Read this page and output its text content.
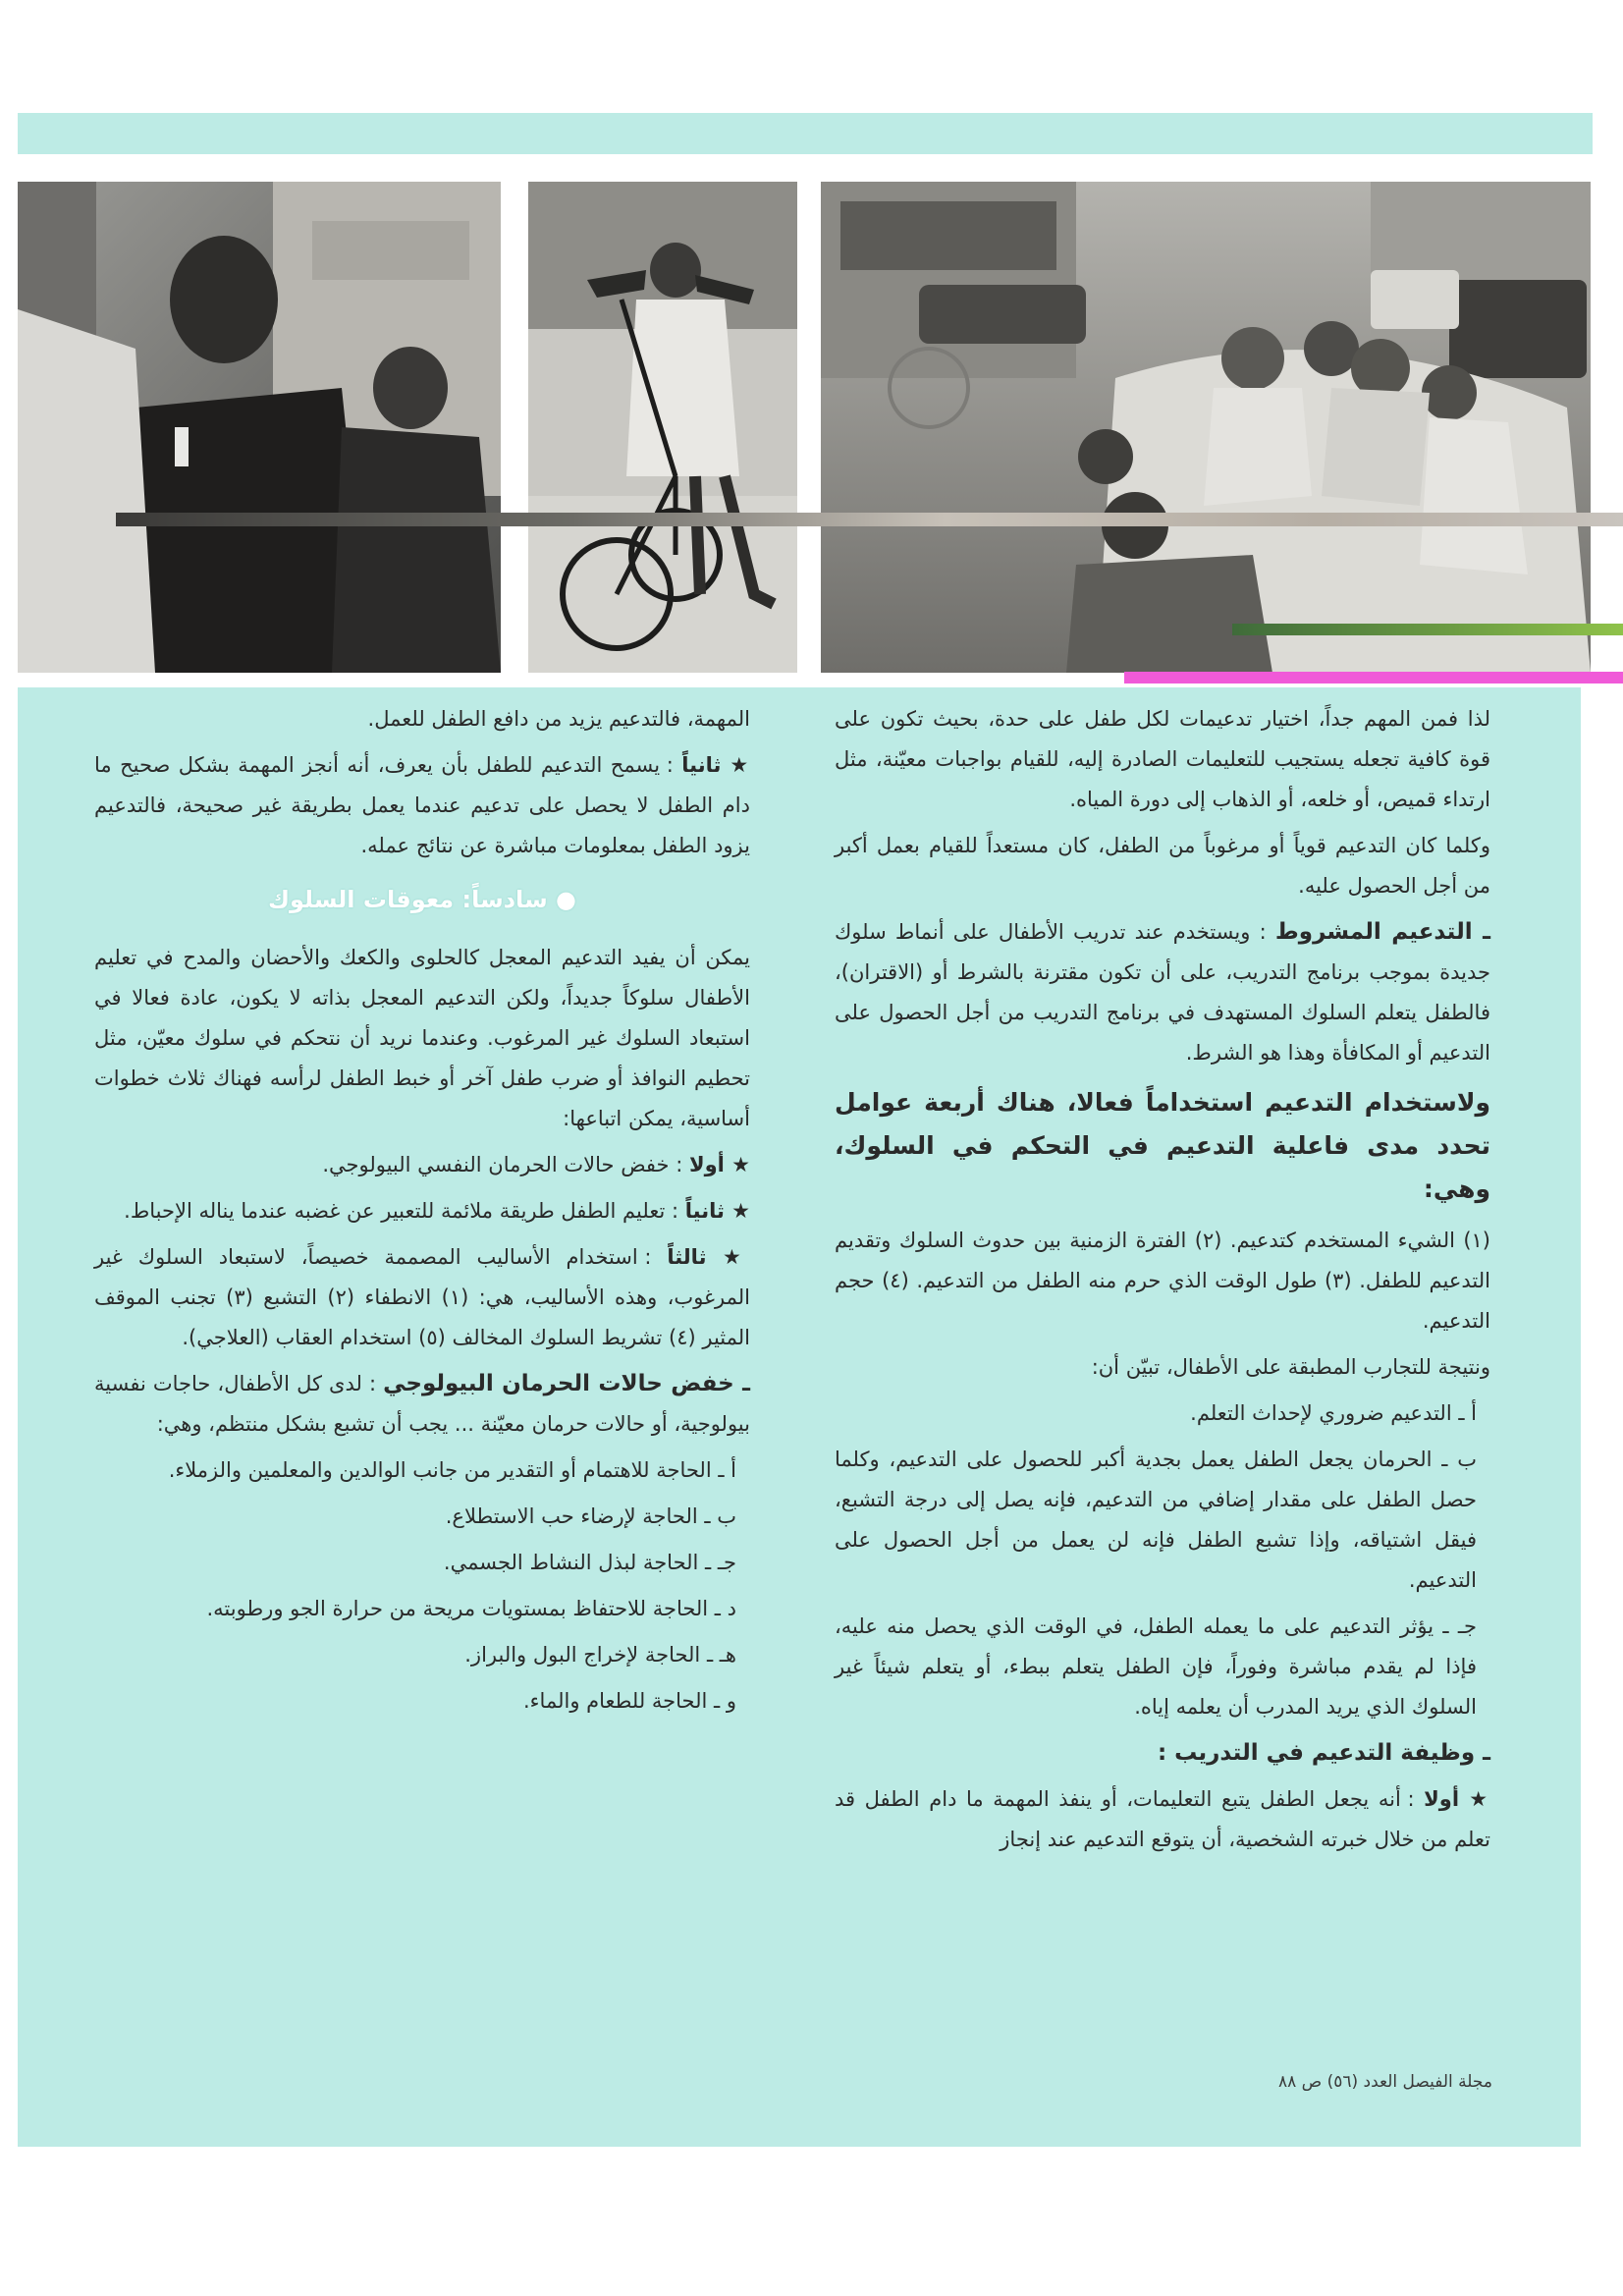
لذا فمن المهم جداً، اختيار تدعيمات لكل طفل على حدة، بحيث تكون على قوة كافية تجعله يستجيب للتعليمات الصادرة إليه، للقيام بواجبات معيّنة، مثل ارتداء قميص، أو خلعه، أو الذهاب إلى دورة المياه.

وكلما كان التدعيم قوياً أو مرغوباً من الطفل، كان مستعداً للقيام بعمل أكبر من أجل الحصول عليه.

ـ التدعيم المشروط : ويستخدم عند تدريب الأطفال على أنماط سلوك جديدة بموجب برنامج التدريب، على أن تكون مقترنة بالشرط أو (الاقتران)، فالطفل يتعلم السلوك المستهدف في برنامج التدريب من أجل الحصول على التدعيم أو المكافأة وهذا هو الشرط.

ولاستخدام التدعيم استخداماً فعالا، هناك أربعة عوامل تحدد مدى فاعلية التدعيم في التحكم في السلوك، وهي:

(١) الشيء المستخدم كتدعيم. (٢) الفترة الزمنية بين حدوث السلوك وتقديم التدعيم للطفل. (٣) طول الوقت الذي حرم منه الطفل من التدعيم. (٤) حجم التدعيم.

ونتيجة للتجارب المطبقة على الأطفال، تبيّن أن:

أ ـ التدعيم ضروري لإحداث التعلم.

ب ـ الحرمان يجعل الطفل يعمل بجدية أكبر للحصول على التدعيم، وكلما حصل الطفل على مقدار إضافي من التدعيم، فإنه يصل إلى درجة التشبع، فيقل اشتياقه، وإذا تشبع الطفل فإنه لن يعمل من أجل الحصول على التدعيم.

جـ ـ يؤثر التدعيم على ما يعمله الطفل، في الوقت الذي يحصل منه عليه، فإذا لم يقدم مباشرة وفوراً، فإن الطفل يتعلم ببطء، أو يتعلم شيئاً غير السلوك الذي يريد المدرب أن يعلمه إياه.

ـ وظيفة التدعيم في التدريب :

★ أولا : أنه يجعل الطفل يتبع التعليمات، أو ينفذ المهمة ما دام الطفل قد تعلم من خلال خبرته الشخصية، أن يتوقع التدعيم عند إنجاز

المهمة، فالتدعيم يزيد من دافع الطفل للعمل.

★ ثانياً : يسمح التدعيم للطفل بأن يعرف، أنه أنجز المهمة بشكل صحيح ما دام الطفل لا يحصل على تدعيم عندما يعمل بطريقة غير صحيحة، فالتدعيم يزود الطفل بمعلومات مباشرة عن نتائج عمله.

● سادساً: معوقات السلوك

يمكن أن يفيد التدعيم المعجل كالحلوى والكعك والأحضان والمدح في تعليم الأطفال سلوكاً جديداً، ولكن التدعيم المعجل بذاته لا يكون، عادة فعالا في استبعاد السلوك غير المرغوب. وعندما نريد أن نتحكم في سلوك معيّن، مثل تحطيم النوافذ أو ضرب طفل آخر أو خبط الطفل لرأسه فهناك ثلاث خطوات أساسية، يمكن اتباعها:

★ أولا : خفض حالات الحرمان النفسي البيولوجي.

★ ثانياً : تعليم الطفل طريقة ملائمة للتعبير عن غضبه عندما يناله الإحباط.

★ ثالثاً : استخدام الأساليب المصممة خصيصاً، لاستبعاد السلوك غير المرغوب، وهذه الأساليب، هي: (١) الانطفاء (٢) التشبع (٣) تجنب الموقف المثير (٤) تشريط السلوك المخالف (٥) استخدام العقاب (العلاجي).

ـ خفض حالات الحرمان البيولوجي : لدى كل الأطفال، حاجات نفسية بيولوجية، أو حالات حرمان معيّنة ... يجب أن تشبع بشكل منتظم، وهي:

أ ـ الحاجة للاهتمام أو التقدير من جانب الوالدين والمعلمين والزملاء.

ب ـ الحاجة لإرضاء حب الاستطلاع.

جـ ـ الحاجة لبذل النشاط الجسمي.

د ـ الحاجة للاحتفاظ بمستويات مريحة من حرارة الجو ورطوبته.

هـ ـ الحاجة لإخراج البول والبراز.

و ـ الحاجة للطعام والماء.

مجلة الفيصل العدد (٥٦) ص ٨٨
